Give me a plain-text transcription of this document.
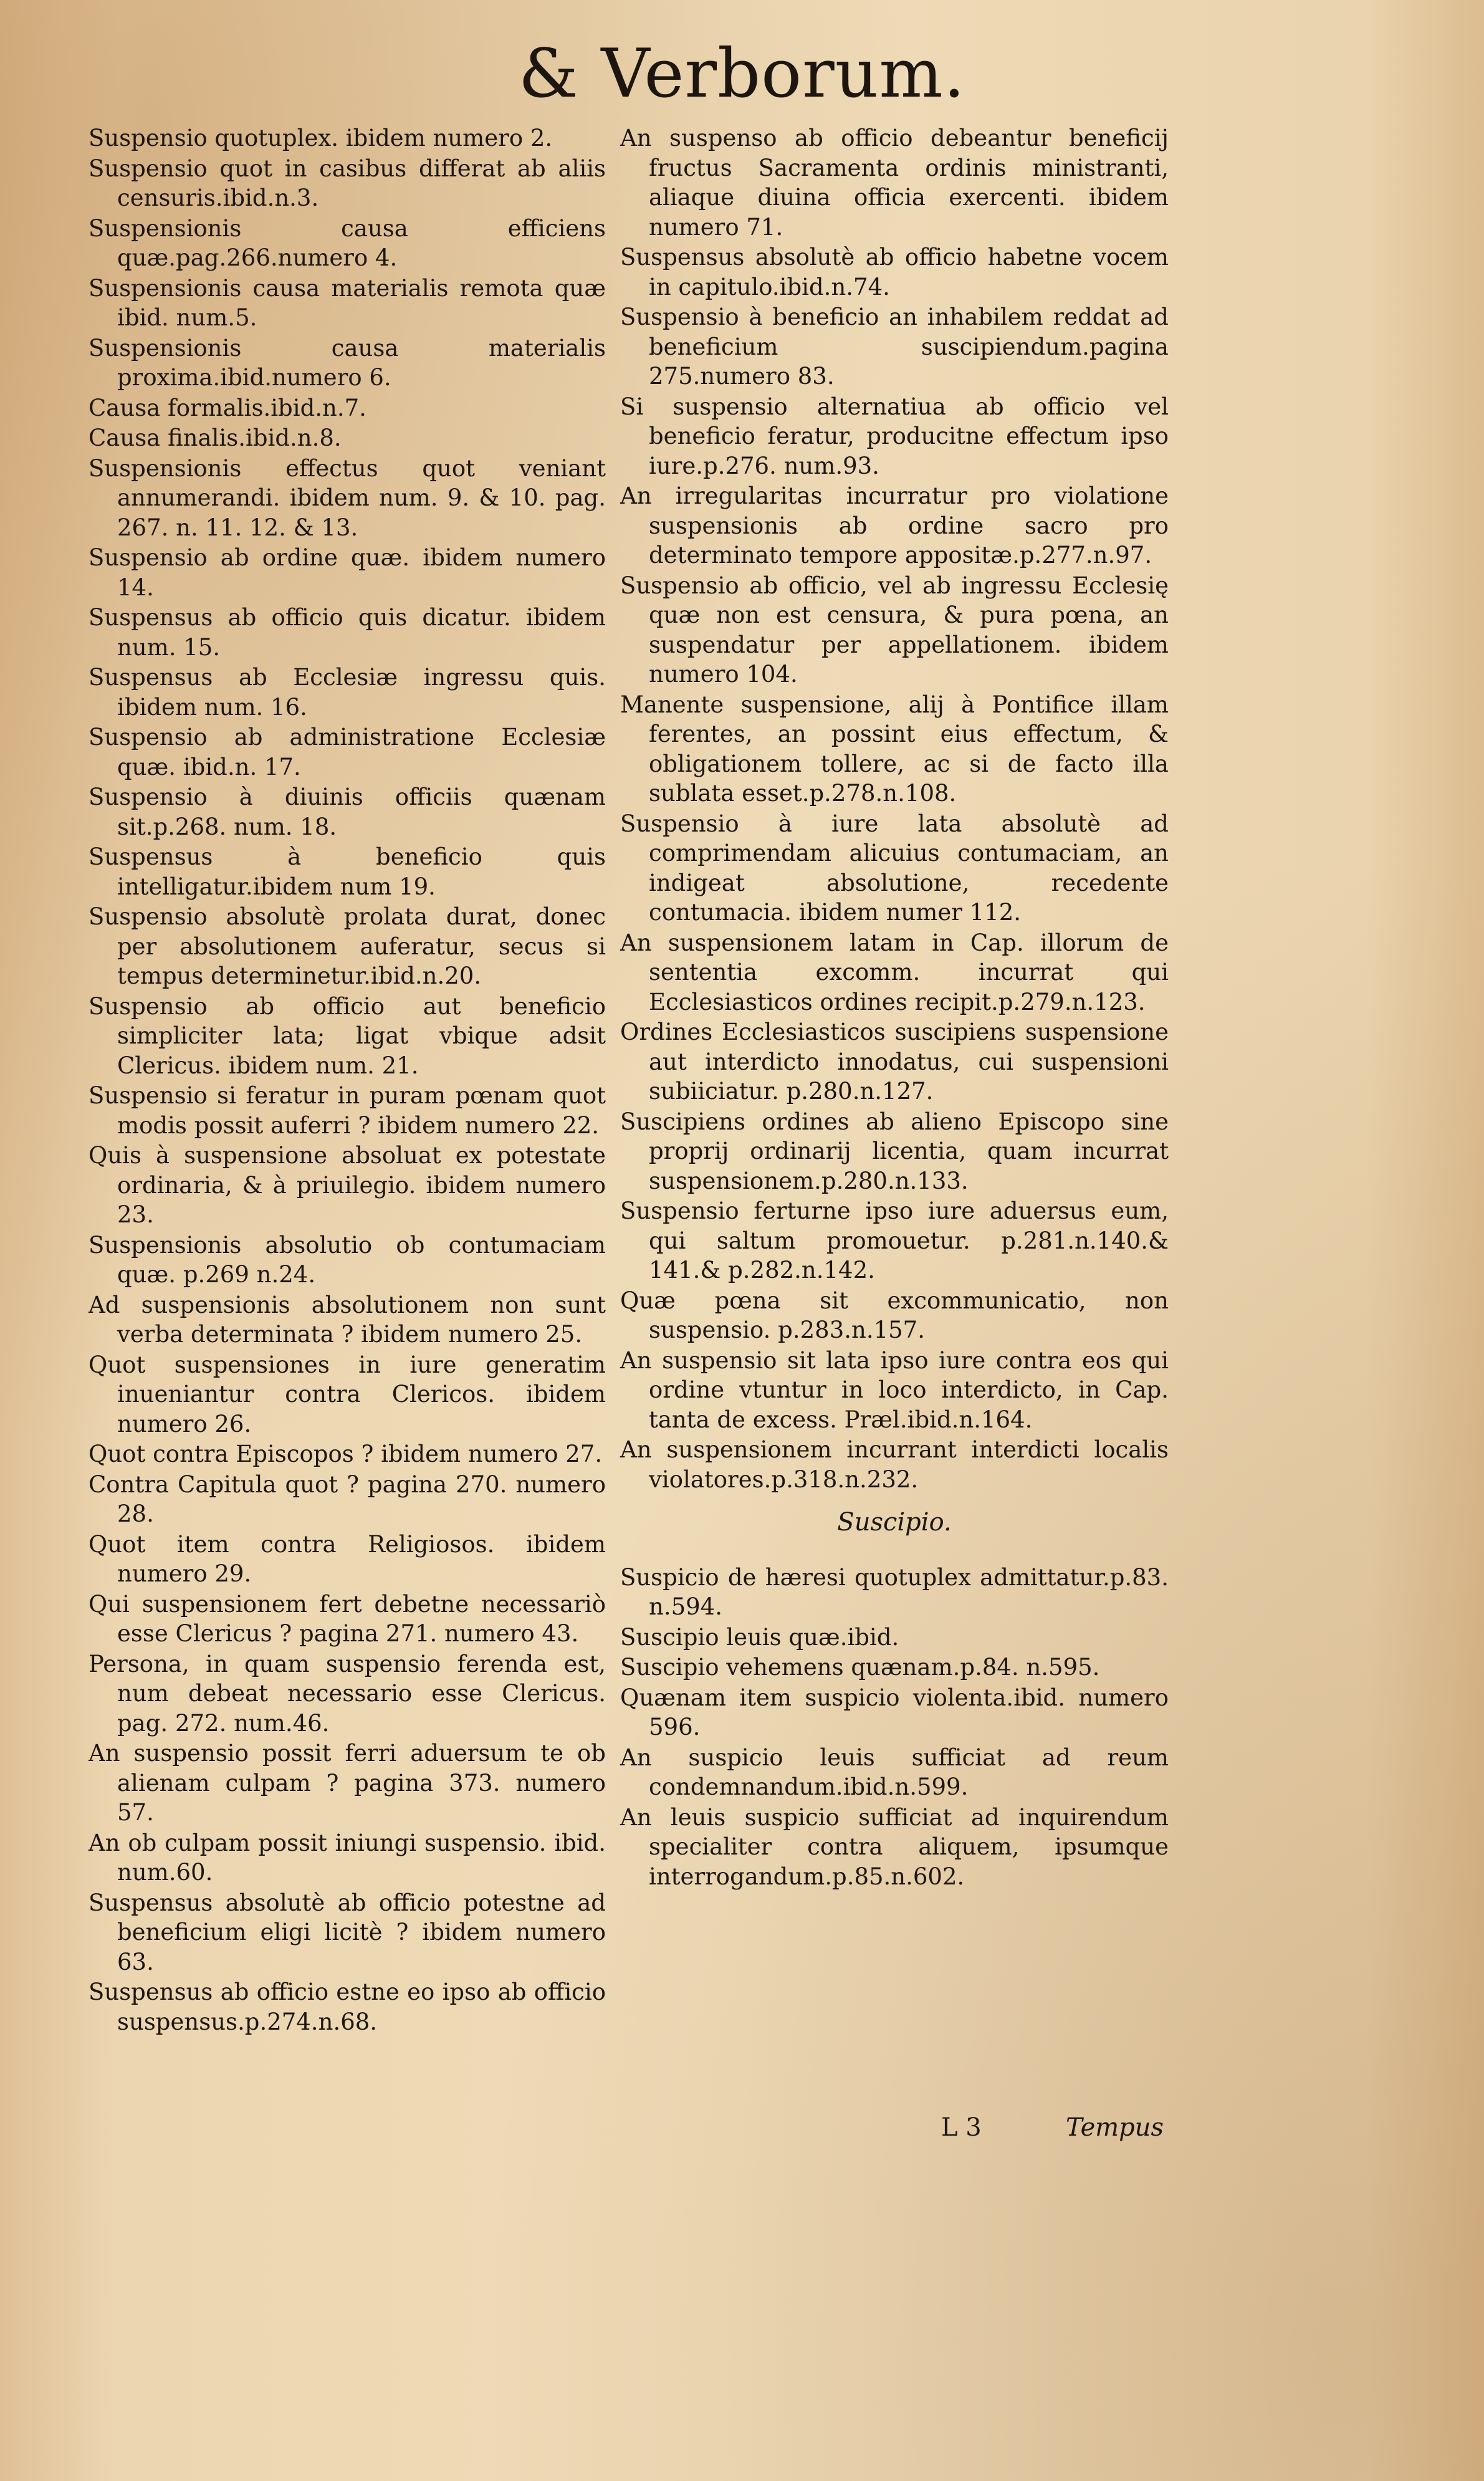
& Verborum.

Suspensio quotuplex. ibidem numero 2.

Suspensio quot in casibus differat ab aliis censuris.ibid.n.3.

Suspensionis causa efficiens quæ.pag.266.numero 4.

Suspensionis causa materialis remota quæ ibid. num.5.

Suspensionis causa materialis proxima.ibid.numero 6.

Causa formalis.ibid.n.7.

Causa finalis.ibid.n.8.

Suspensionis effectus quot veniant annumerandi. ibidem num. 9. & 10. pag. 267. n. 11. 12. & 13.

Suspensio ab ordine quæ. ibidem numero 14.

Suspensus ab officio quis dicatur. ibidem num. 15.

Suspensus ab Ecclesiæ ingressu quis. ibidem num. 16.

Suspensio ab administratione Ecclesiæ quæ. ibid.n. 17.

Suspensio à diuinis officiis quænam sit.p.268. num. 18.

Suspensus à beneficio quis intelligatur.ibidem num 19.

Suspensio absolutè prolata durat, donec per absolutionem auferatur, secus si tempus determinetur.ibid.n.20.

Suspensio ab officio aut beneficio simpliciter lata; ligat vbique adsit Clericus. ibidem num. 21.

Suspensio si feratur in puram pœnam quot modis possit auferri ? ibidem numero 22.

Quis à suspensione absoluat ex potestate ordinaria, & à priuilegio. ibidem numero 23.

Suspensionis absolutio ob contumaciam quæ. p.269 n.24.

Ad suspensionis absolutionem non sunt verba determinata ? ibidem numero 25.

Quot suspensiones in iure generatim inueniantur contra Clericos. ibidem numero 26.

Quot contra Episcopos ? ibidem numero 27.

Contra Capitula quot ? pagina 270. numero 28.

Quot item contra Religiosos. ibidem numero 29.

Qui suspensionem fert debetne necessariò esse Clericus ? pagina 271. numero 43.

Persona, in quam suspensio ferenda est, num debeat necessario esse Clericus. pag. 272. num.46.

An suspensio possit ferri aduersum te ob alienam culpam ? pagina 373. numero 57.

An ob culpam possit iniungi suspensio. ibid. num.60.

Suspensus absolutè ab officio potestne ad beneficium eligi licitè ? ibidem numero 63.

Suspensus ab officio estne eo ipso ab officio suspensus.p.274.n.68.

An suspenso ab officio debeantur beneficij fructus Sacramenta ordinis ministranti, aliaque diuina officia exercenti. ibidem numero 71.

Suspensus absolutè ab officio habetne vocem in capitulo.ibid.n.74.

Suspensio à beneficio an inhabilem reddat ad beneficium suscipiendum.pagina 275.numero 83.

Si suspensio alternatiua ab officio vel beneficio feratur, producitne effectum ipso iure.p.276. num.93.

An irregularitas incurratur pro violatione suspensionis ab ordine sacro pro determinato tempore appositæ.p.277.n.97.

Suspensio ab officio, vel ab ingressu Ecclesię quæ non est censura, & pura pœna, an suspendatur per appellationem. ibidem numero 104.

Manente suspensione, alij à Pontifice illam ferentes, an possint eius effectum, & obligationem tollere, ac si de facto illa sublata esset.p.278.n.108.

Suspensio à iure lata absolutè ad comprimendam alicuius contumaciam, an indigeat absolutione, recedente contumacia. ibidem numer 112.

An suspensionem latam in Cap. illorum de sententia excomm. incurrat qui Ecclesiasticos ordines recipit.p.279.n.123.

Ordines Ecclesiasticos suscipiens suspensione aut interdicto innodatus, cui suspensioni subiiciatur. p.280.n.127.

Suscipiens ordines ab alieno Episcopo sine proprij ordinarij licentia, quam incurrat suspensionem.p.280.n.133.

Suspensio ferturne ipso iure aduersus eum, qui saltum promouetur. p.281.n.140.& 141.& p.282.n.142.

Quæ pœna sit excommunicatio, non suspensio. p.283.n.157.

An suspensio sit lata ipso iure contra eos qui ordine vtuntur in loco interdicto, in Cap. tanta de excess. Præl.ibid.n.164.

An suspensionem incurrant interdicti localis violatores.p.318.n.232.

Suscipio.

Suspicio de hæresi quotuplex admittatur.p.83. n.594.

Suscipio leuis quæ.ibid.

Suscipio vehemens quænam.p.84. n.595.

Quænam item suspicio violenta.ibid. numero 596.

An suspicio leuis sufficiat ad reum condemnandum.ibid.n.599.

An leuis suspicio sufficiat ad inquirendum specialiter contra aliquem, ipsumque interrogandum.p.85.n.602.

L 3	Tempus
